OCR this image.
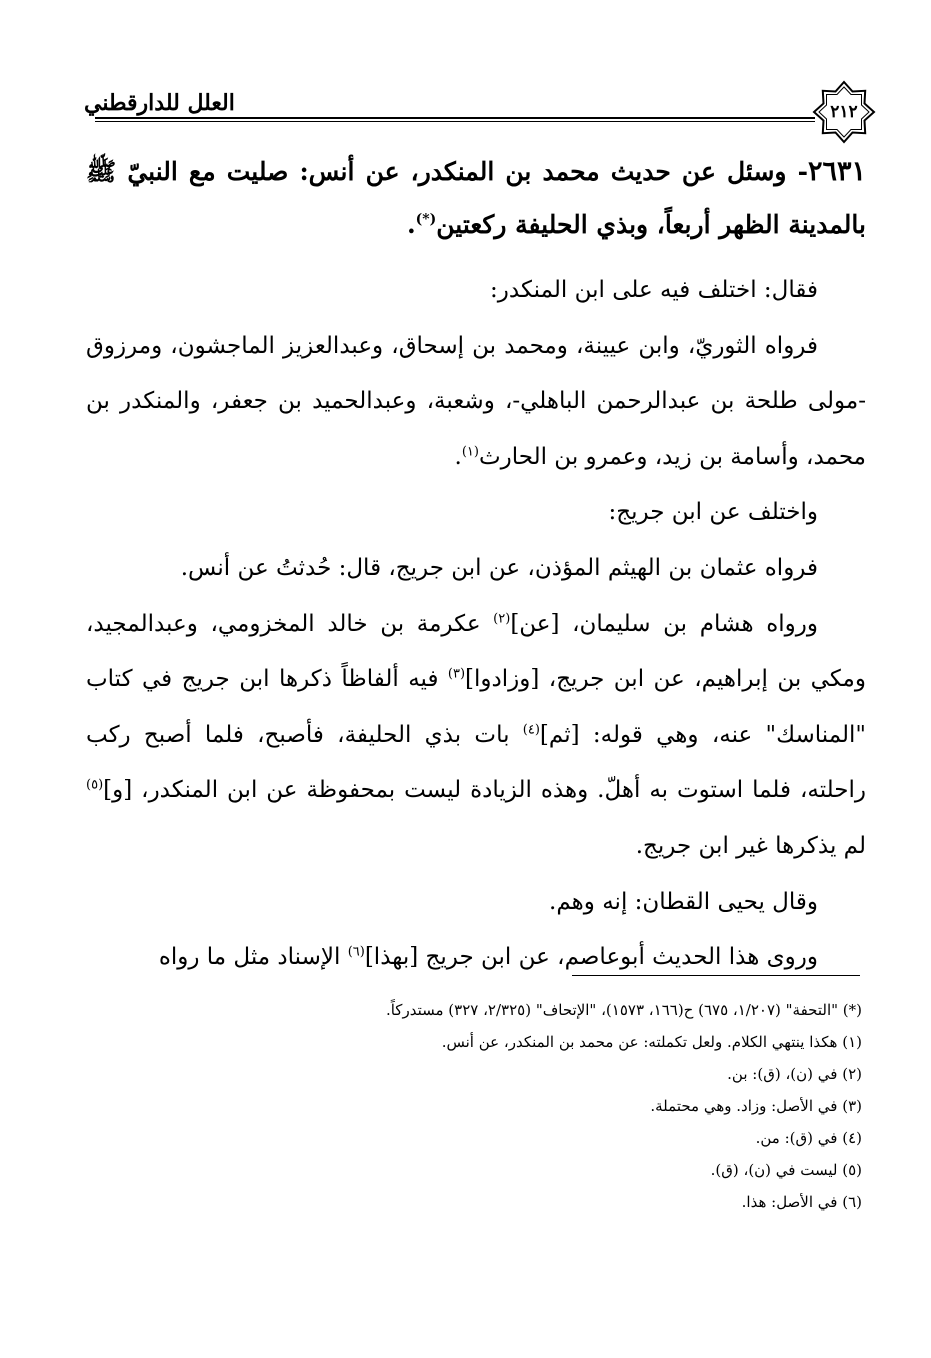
العلل للدارقطني	٢١٢

٢٦٣١- وسئل عن حديث محمد بن المنكدر، عن أنس: صليت مع النبيّ ﷺ بالمدينة الظهر أربعاً، وبذي الحليفة ركعتين(*).

فقال: اختلف فيه على ابن المنكدر:

فرواه الثوريّ، وابن عيينة، ومحمد بن إسحاق، وعبدالعزيز الماجشون، ومرزوق -مولى طلحة بن عبدالرحمن الباهلي-، وشعبة، وعبدالحميد بن جعفر، والمنكدر بن محمد، وأسامة بن زيد، وعمرو بن الحارث$^{(١)}$.

واختلف عن ابن جريج:

فرواه عثمان بن الهيثم المؤذن، عن ابن جريج، قال: حُدثتُ عن أنس.

ورواه هشام بن سليمان، [عن]$^{(٢)}$ عكرمة بن خالد المخزومي، وعبدالمجيد، ومكي بن إبراهيم، عن ابن جريج، [وزادوا]$^{(٣)}$ فيه ألفاظاً ذكرها ابن جريج في كتاب "المناسك" عنه، وهي قوله: [ثم]$^{(٤)}$ بات بذي الحليفة، فأصبح، فلما أصبح ركب راحلته، فلما استوت به أهلّ. وهذه الزيادة ليست بمحفوظة عن ابن المنكدر، [و]$^{(٥)}$ لم يذكرها غير ابن جريج.

وقال يحيى القطان: إنه وهم.

وروى هذا الحديث أبوعاصم، عن ابن جريج [بهذا]$^{(٦)}$ الإسناد مثل ما رواه

(*) "التحفة" (١/٢٠٧، ٦٧٥) ح(١٦٦، ١٥٧٣)، "الإتحاف" (٢/٣٢٥، ٣٢٧) مستدركاً.

(١) هكذا ينتهي الكلام. ولعل تكملته: عن محمد بن المنكدر، عن أنس.

(٢) في (ن)، (ق): بن.

(٣) في الأصل: وزاد. وهي محتملة.

(٤) في (ق): من.

(٥) ليست في (ن)، (ق).

(٦) في الأصل: هذا.
